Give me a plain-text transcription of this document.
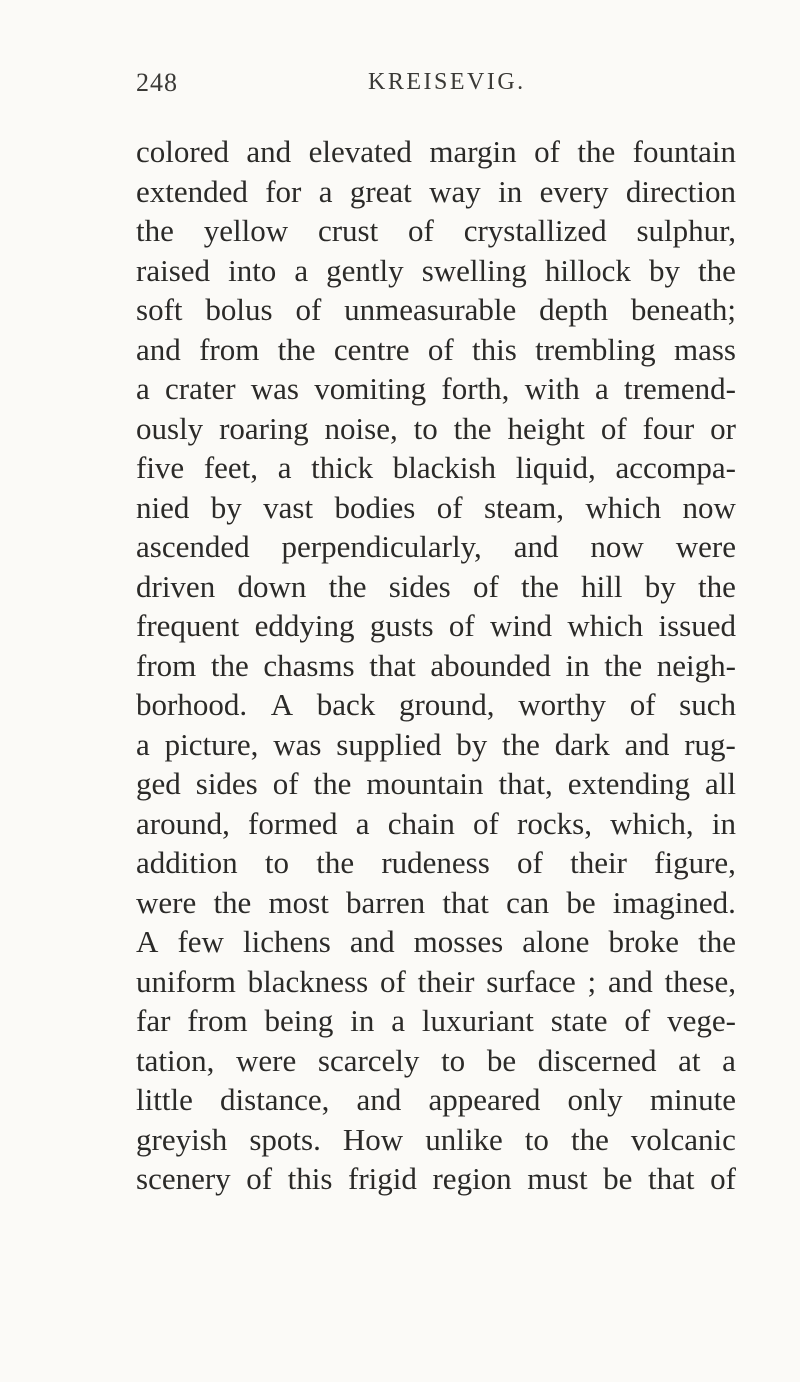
248	KREISEVIG.
colored and elevated margin of the fountain
extended for a great way in every direction
the yellow crust of crystallized sulphur,
raised into a gently swelling hillock by the
soft bolus of unmeasurable depth beneath;
and from the centre of this trembling mass
a crater was vomiting forth, with a tremend-
ously roaring noise, to the height of four or
five feet, a thick blackish liquid, accompa-
nied by vast bodies of steam, which now
ascended perpendicularly, and now were
driven down the sides of the hill by the
frequent eddying gusts of wind which issued
from the chasms that abounded in the neigh-
borhood. A back ground, worthy of such
a picture, was supplied by the dark and rug-
ged sides of the mountain that, extending all
around, formed a chain of rocks, which, in
addition to the rudeness of their figure,
were the most barren that can be imagined.
A few lichens and mosses alone broke the
uniform blackness of their surface ; and these,
far from being in a luxuriant state of vege-
tation, were scarcely to be discerned at a
little distance, and appeared only minute
greyish spots. How unlike to the volcanic
scenery of this frigid region must be that of
